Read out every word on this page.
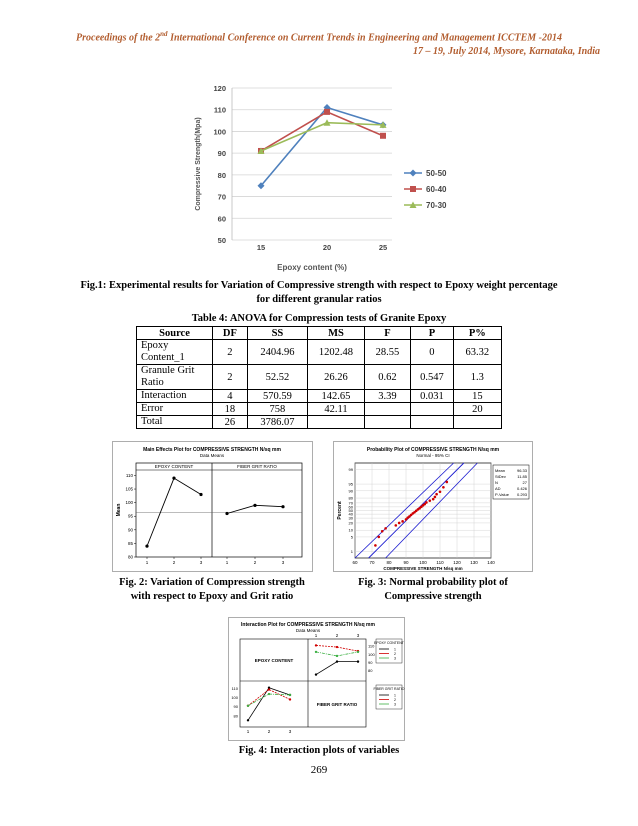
Proceedings of the 2nd International Conference on Current Trends in Engineering and Management ICCTEM -2014
17 – 19, July 2014, Mysore, Karnataka, India
50
60
70
80
90
100
110
120
15	20	25
Epoxy content (%)
Compressive Strength(Mpa)	50-50
60-40
70-30
Fig.1: Experimental results for Variation of Compressive strength with respect to Epoxy weight percentage for different granular ratios
Table 4: ANOVA for Compression tests of Granite Epoxy
Source	DF	SS	MS	F	P	P%
Epoxy Content_1	2	2404.96	1202.48	28.55	0	63.32
Granule Grit Ratio	2	52.52	26.26	0.62	0.547	1.3
Interaction	4	570.59	142.65	3.39	0.031	15
Error	18	758	42.11			20
Total	26	3786.07				
Main Effects Plot for COMPRESSIVE STRENGTH N/sq mm
Data Means
EPOXY CONTENT	FIBER GRIT RATIO
80
85
90
95
100
105
110
Mean
1	2	3	1	2	3
Fig. 2: Variation of Compression strength with respect to Epoxy and Grit ratio
Probability Plot of COMPRESSIVE STRENGTH N/sq mm
Normal - 95% CI
1
5
10
20
30
40
50
60
70
80
90
95
99
60	70	80	90 100 110 120 130 140
COMPRESSIVE STRENGTH N/sq mm
Percent
Mean	96.33
StDev	11.85
N	27
AD	0.426
P-Value 0.293
Fig. 3: Normal probability plot of Compressive strength
Interaction Plot for COMPRESSIVE STRENGTH N/sq mm
Data Means
EPOXY CONTENT
FIBER GRIT RATIO
1	2	3
1	2	3
110
110
100
100
90
90
80
80
EPOXY CONTENT
1
2
3
FIBER GRIT RATIO
1
2
3
Fig. 4: Interaction plots of variables
269
